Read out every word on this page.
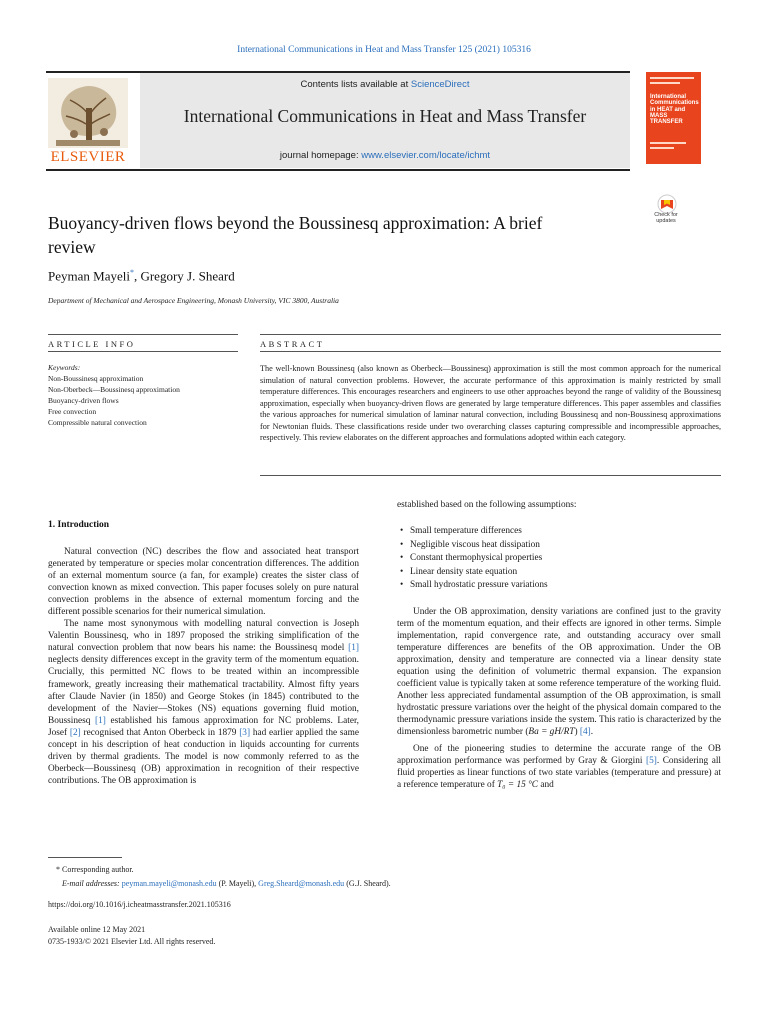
International Communications in Heat and Mass Transfer 125 (2021) 105316
ELSEVIER
Contents lists available at ScienceDirect
International Communications in Heat and Mass Transfer
journal homepage: www.elsevier.com/locate/ichmt
International Communications in HEAT and MASS TRANSFER
Buoyancy-driven flows beyond the Boussinesq approximation: A brief review
Check for
updates
Peyman Mayeli*, Gregory J. Sheard
Department of Mechanical and Aerospace Engineering, Monash University, VIC 3800, Australia
ARTICLE INFO	ABSTRACT
Keywords:
Non-Boussinesq approximation
Non-Oberbeck—Boussinesq approximation
Buoyancy-driven flows
Free convection
Compressible natural convection
The well-known Boussinesq (also known as Oberbeck—Boussinesq) approximation is still the most common approach for the numerical simulation of natural convection problems. However, the accurate performance of this approximation is mainly restricted by small temperature differences. This encourages researchers and engineers to use other approaches beyond the range of validity of the Boussinesq approximation, especially when buoyancy-driven flows are generated by large temperature differences. This paper assembles and classifies the various approaches for numerical simulation of laminar natural convection, including Boussinesq and non-Boussinesq approximations for Newtonian fluids. These classifications reside under two overarching classes capturing compressible and incompressible approaches, respectively. This review elaborates on the different approaches and formulations adopted within each category.
1. Introduction

Natural convection (NC) describes the flow and associated heat transport generated by temperature or species molar concentration differences. The addition of an external momentum source (a fan, for example) creates the sister class of convection known as mixed convection. This paper focuses solely on pure natural convection problems in the absence of external momentum forcing and the different possible scenarios for their numerical simulation.

The name most synonymous with modelling natural convection is Joseph Valentin Boussinesq, who in 1897 proposed the striking simplification of the natural convection problem that now bears his name: the Boussinesq model [1] neglects density differences except in the gravity term of the momentum equation. Crucially, this permitted NC flows to be treated within an incompressible framework, greatly increasing their mathematical tractability. Almost fifty years after Claude Navier (in 1850) and George Stokes (in 1845) contributed to the development of the Navier—Stokes (NS) equations governing fluid motion, Boussinesq [1] established his famous approximation for NC problems. Later, Josef [2] recognised that Anton Oberbeck in 1879 [3] had earlier applied the same concept in his description of heat conduction in liquids accounting for currents driven by thermal gradients. The model is now commonly referred to as the Oberbeck—Boussinesq (OB) approximation in recognition of their respective contributions. The OB approximation is

established based on the following assumptions:

• Small temperature differences
• Negligible viscous heat dissipation
• Constant thermophysical properties
• Linear density state equation
• Small hydrostatic pressure variations

Under the OB approximation, density variations are confined just to the gravity term of the momentum equation, and their effects are ignored in other terms. Simple implementation, rapid convergence rate, and outstanding accuracy over small temperature differences are benefits of the OB approximation. Under the OB approximation, density and temperature are connected via a linear density state equation using the definition of volumetric thermal expansion. The expansion coefficient value is typically taken at some reference temperature of the working fluid. Another less appreciated fundamental assumption of the OB approximation, is small hydrostatic pressure variations over the height of the physical domain compared to the thermodynamic pressure variations inside the system. This ratio is characterized by the dimensionless barometric number (Ba = gH/RT) [4].

One of the pioneering studies to determine the accurate range of the OB approximation performance was performed by Gray & Giorgini [5]. Considering all fluid properties as linear functions of two state variables (temperature and pressure) at a reference temperature of T₀ = 15 °C and

* Corresponding author.
E-mail addresses: peyman.mayeli@monash.edu (P. Mayeli), Greg.Sheard@monash.edu (G.J. Sheard).
https://doi.org/10.1016/j.icheatmasstransfer.2021.105316
Available online 12 May 2021
0735-1933/© 2021 Elsevier Ltd. All rights reserved.
